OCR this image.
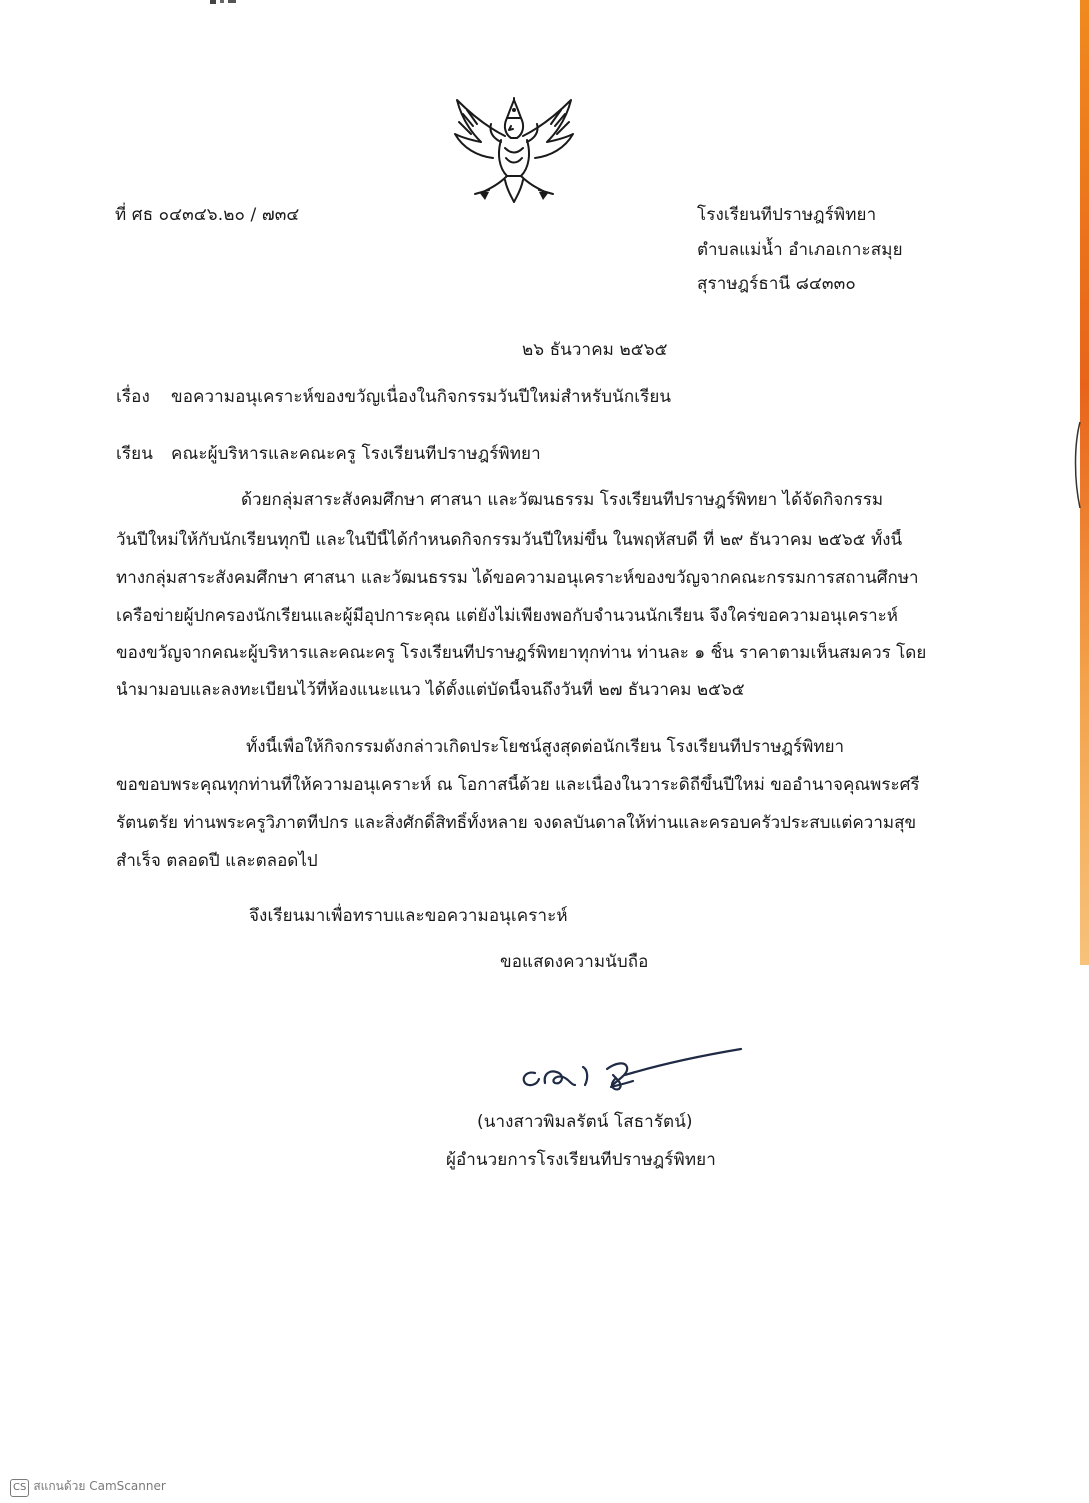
ที่ ศธ ๐๔๓๔๖.๒๐ / ๗๓๔	โรงเรียนทีปราษฎร์พิทยา
ตำบลแม่น้ำ อำเภอเกาะสมุย
สุราษฎร์ธานี ๘๔๓๓๐
๒๖ ธันวาคม ๒๕๖๕
เรื่อง ขอความอนุเคราะห์ของขวัญเนื่องในกิจกรรมวันปีใหม่สำหรับนักเรียน
เรียน คณะผู้บริหารและคณะครู โรงเรียนทีปราษฎร์พิทยา
ด้วยกลุ่มสาระสังคมศึกษา ศาสนา และวัฒนธรรม โรงเรียนทีปราษฎร์พิทยา ได้จัดกิจกรรม
วันปีใหม่ให้กับนักเรียนทุกปี และในปีนี้ได้กำหนดกิจกรรมวันปีใหม่ขึ้น ในพฤหัสบดี ที่ ๒๙ ธันวาคม ๒๕๖๕ ทั้งนี้
ทางกลุ่มสาระสังคมศึกษา ศาสนา และวัฒนธรรม ได้ขอความอนุเคราะห์ของขวัญจากคณะกรรมการสถานศึกษา
เครือข่ายผู้ปกครองนักเรียนและผู้มีอุปการะคุณ แต่ยังไม่เพียงพอกับจำนวนนักเรียน จึงใคร่ขอความอนุเคราะห์
ของขวัญจากคณะผู้บริหารและคณะครู โรงเรียนทีปราษฎร์พิทยาทุกท่าน ท่านละ ๑ ชิ้น ราคาตามเห็นสมควร โดย
นำมามอบและลงทะเบียนไว้ที่ห้องแนะแนว ได้ตั้งแต่บัดนี้จนถึงวันที่ ๒๗ ธันวาคม ๒๕๖๕
ทั้งนี้เพื่อให้กิจกรรมดังกล่าวเกิดประโยชน์สูงสุดต่อนักเรียน โรงเรียนทีปราษฎร์พิทยา
ขอขอบพระคุณทุกท่านที่ให้ความอนุเคราะห์ ณ โอกาสนี้ด้วย และเนื่องในวาระดิถีขึ้นปีใหม่ ขออำนาจคุณพระศรี
รัตนตรัย ท่านพระครูวิภาตทีปกร และสิ่งศักดิ์สิทธิ์ทั้งหลาย จงดลบันดาลให้ท่านและครอบครัวประสบแต่ความสุข
สำเร็จ ตลอดปี และตลอดไป
จึงเรียนมาเพื่อทราบและขอความอนุเคราะห์
ขอแสดงความนับถือ
(นางสาวพิมลรัตน์ โสธารัตน์)
ผู้อำนวยการโรงเรียนทีปราษฎร์พิทยา
CS สแกนด้วย CamScanner
